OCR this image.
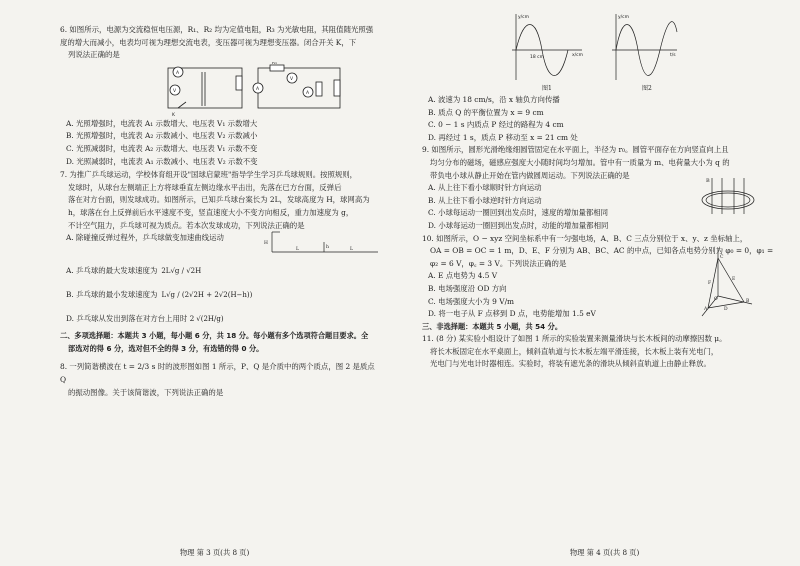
6. 如图所示，电源为交流稳恒电压源，R₁、R₂ 均为定值电阻，R₃ 为光敏电阻，其阻值随光照强

度的增大而减小，电表均可视为理想交流电表，变压器可视为理想变压器。闭合开关 K，下

列说法正确的是

A
V	A
V
A
R₁
K

A. 光照增强时，电流表 A₁ 示数增大、电压表 V₁ 示数增大

B. 光照增强时，电流表 A₂ 示数减小、电压表 V₂ 示数减小

C. 光照减弱时，电流表 A₂ 示数增大、电压表 V₁ 示数不变

D. 光照减弱时，电流表 A₁ 示数减小、电压表 V₂ 示数不变

7. 为推广乒乓球运动，学校体育组开设"国球启蒙班"指导学生学习乒乓球规则。按照规则，

发球时，从球台左侧端正上方将球垂直左侧边缘水平击出，先落在已方台面，反弹后

落在对方台面，则发球成功。如图所示，已知乒乓球台案长为 2L，发球高度为 H，球网高为

h，球落在台上反弹前后水平速度不变，竖直速度大小不变方向相反，重力加速度为 g，

不计空气阻力，乒乓球可视为质点。若本次发球成功，下列说法正确的是

A. 除碰撞反弹过程外，乒乓球做变加速曲线运动

H
h
L	L

A. 乒乓球的最大发球速度为 2L√g / √2H

B. 乒乓球的最小发球速度为 L√g / (2√2H + 2√2(H−h))

D. 乒乓球从发出到落在对方台上用时 2 √(2H/g)

二、多项选择题：本题共 3 小题，每小题 6 分，共 18 分。每小题有多个选项符合题目要求。全

部选对的得 6 分，选对但不全的得 3 分，有选错的得 0 分。

8. 一列简谐横波在 t = 2/3 s 时的波形图如图 1 所示，P、Q 是介质中的两个质点，图 2 是质点 Q

的振动图像。关于该简谐波，下列说法正确的是

物理 第 3 页(共 8 页)
y/cm	y/cm
x/cm	t/s
18 cm
图1	图2

A. 波速为 18 cm/s，沿 x 轴负方向传播

B. 质点 Q 的平衡位置为 x = 9 cm

C. 0 − 1 s 内质点 P 经过的路程为 4 cm

D. 再经过 1 s，质点 P 移动至 x = 21 cm 处

9. 如图所示，圆形光滑绝缘细圆管固定在水平面上，半径为 r₀。圆管平面存在方向竖直向上且

均匀分布的磁场，磁感应强度大小随时间均匀增加。管中有一质量为 m、电荷量大小为 q 的

带负电小球从静止开始在管内做圆周运动。下列说法正确的是

A. 从上往下看小球顺时针方向运动

B. 从上往下看小球逆时针方向运动

C. 小球每运动一圈回到出发点时，速度的增加量都相同

D. 小球每运动一圈回到出发点时，动能的增加量都相同

B

10. 如图所示，O − xyz 空间坐标系中有一匀强电场，A、B、C 三点分别位于 x、y、z 坐标轴上，

OA = OB = OC = 1 m，D、E、F 分别为 AB、BC、AC 的中点，已知各点电势分别为 φ₀ = 0，φ₁ =

φ₂ = 6 V，φ꜀ = 3 V。下列说法正确的是

A. E 点电势为 4.5 V

B. 电场强度沿 OD 方向

C. 电场强度大小为 9 V/m

D. 将一电子从 F 点移到 D 点，电势能增加 1.5 eV

C
B
A
O
E
F
D

三、非选择题：本题共 5 小题，共 54 分。

11. (8 分) 某实验小组设计了如图 1 所示的实验装置来测量滑块与长木板间的动摩擦因数 μ。

将长木板固定在水平桌面上，倾斜直轨道与长木板左端平滑连接，长木板上装有光电门，

光电门与光电计时器相连。实验时，将装有遮光条的滑块从倾斜直轨道上由静止释放。

物理 第 4 页(共 8 页)
